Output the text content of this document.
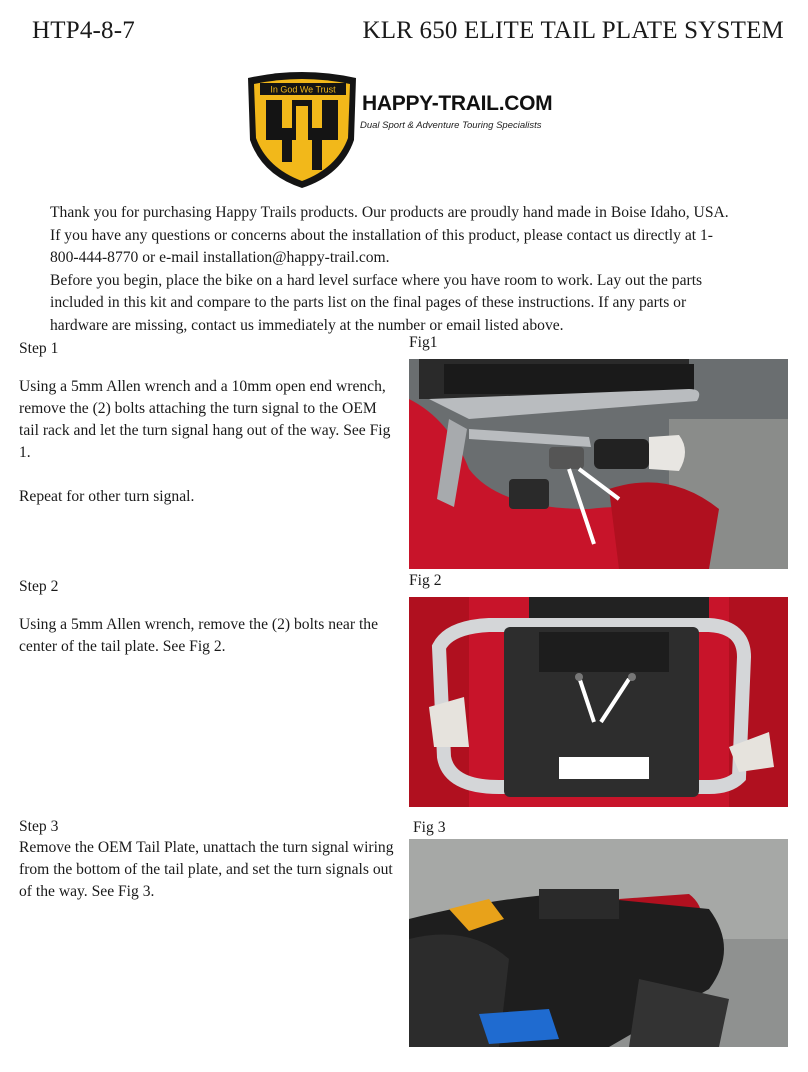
HTP4-8-7	KLR 650 ELITE TAIL PLATE SYSTEM
In God We Trust
HAPPY-TRAIL.COM
Dual Sport & Adventure Touring Specialists

Thank you for purchasing Happy Trails products. Our products are proudly hand made in Boise Idaho, USA. If you have any questions or concerns about the installation of this product, please contact us directly at 1-800-444-8770 or e-mail installation@happy-trail.com.

Before you begin, place the bike on a hard level surface where you have room to work. Lay out the parts included in this kit and compare to the parts list on the final pages of these instructions. If any parts or hardware are missing, contact us immediately at the number or email listed above.

Step 1

Using a 5mm Allen wrench and a 10mm open end wrench, remove the (2) bolts attaching the turn signal to the OEM tail rack and let the turn signal hang out of the way. See Fig 1.

Repeat for other turn signal.

Fig1
Step 2

Using a 5mm Allen wrench, remove the (2) bolts near the center of the tail plate. See Fig 2.

Fig 2
Step 3

Remove the OEM Tail Plate, unattach the turn signal wiring from the bottom of the tail plate, and set the turn signals out of the way. See Fig 3.

Fig 3
